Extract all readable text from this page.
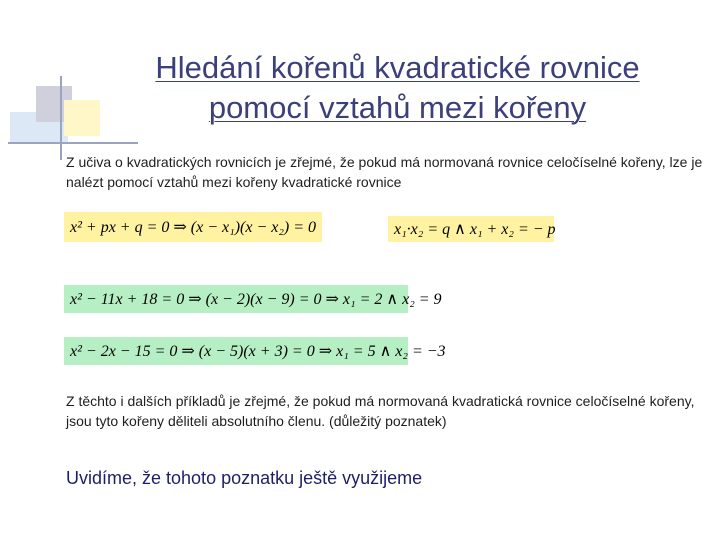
Hledání kořenů kvadratické rovnice
pomocí vztahů mezi kořeny
Z učiva o kvadratických rovnicích je zřejmé, že pokud má normovaná rovnice celočíselné kořeny, lze je nalézt pomocí vztahů mezi kořeny kvadratické rovnice
x² + px + q = 0 ⇒ (x − x₁)(x − x₂) = 0	x₁·x₂ = q ∧ x₁ + x₂ = − p
x² − 11x + 18 = 0 ⇒ (x − 2)(x − 9) = 0 ⇒ x₁ = 2 ∧ x₂ = 9
x² − 2x − 15 = 0 ⇒ (x − 5)(x + 3) = 0 ⇒ x₁ = 5 ∧ x₂ = −3
Z těchto i dalších příkladů je zřejmé, že pokud má normovaná kvadratická rovnice celočíselné kořeny, jsou tyto kořeny děliteli absolutního členu. (důležitý poznatek)
Uvidíme, že tohoto poznatku ještě využijeme
